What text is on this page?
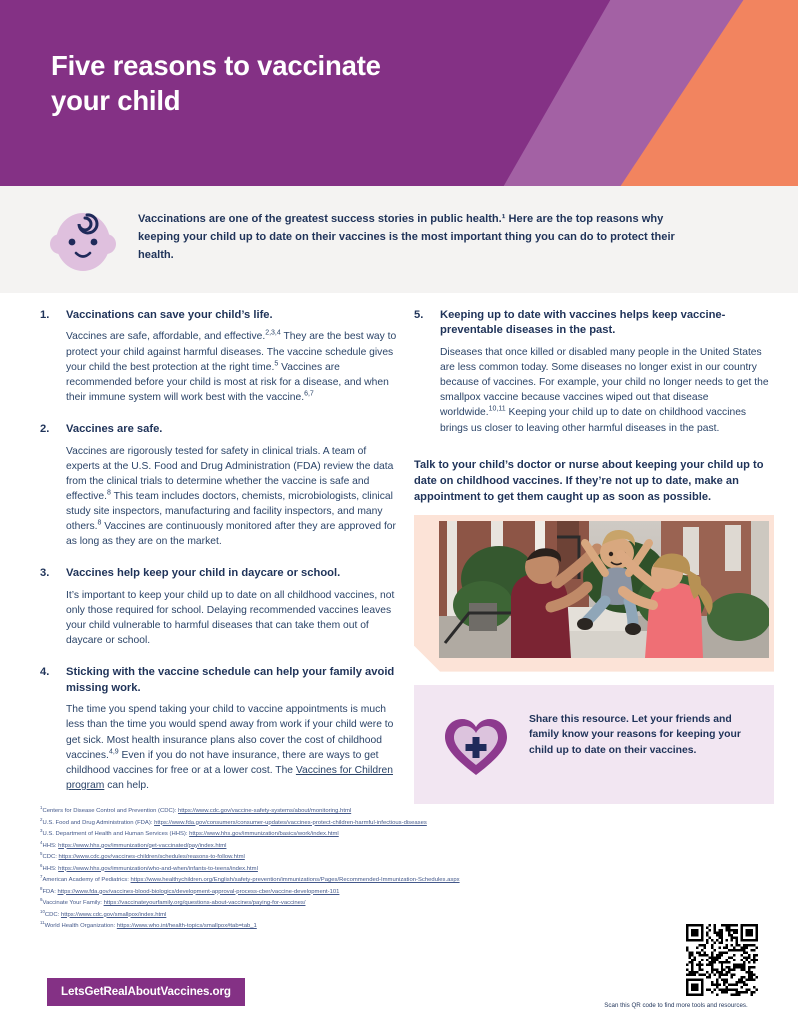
Five reasons to vaccinate
your child
Vaccinations are one of the greatest success stories in public health.¹ Here are the top reasons why keeping your child up to date on their vaccines is the most important thing you can do to protect their health.
1.	Vaccinations can save your child’s life.
Vaccines are safe, affordable, and effective.$^{2,3,4}$ They are the best way to protect your child against harmful diseases. The vaccine schedule gives your child the best protection at the right time.$^5$ Vaccines are recommended before your child is most at risk for a disease, and when their immune system will work best with the vaccine.$^{6,7}$
2.	Vaccines are safe.
Vaccines are rigorously tested for safety in clinical trials. A team of experts at the U.S. Food and Drug Administration (FDA) review the data from the clinical trials to determine whether the vaccine is safe and effective.$^8$ This team includes doctors, chemists, microbiologists, clinical study site inspectors, manufacturing and facility inspectors, and many others.$^8$ Vaccines are continuously monitored after they are approved for as long as they are on the market.
3.	Vaccines help keep your child in daycare or school.
It’s important to keep your child up to date on all childhood vaccines, not only those required for school. Delaying recommended vaccines leaves your child vulnerable to harmful diseases that can take them out of daycare or school.
4.	Sticking with the vaccine schedule can help your family avoid missing work.
The time you spend taking your child to vaccine appointments is much less than the time you would spend away from work if your child were to get sick. Most health insurance plans also cover the cost of childhood vaccines.$^{4,9}$ Even if you do not have insurance, there are ways to get childhood vaccines for free or at a lower cost. The Vaccines for Children program can help.
5.	Keeping up to date with vaccines helps keep vaccine-preventable diseases in the past.
Diseases that once killed or disabled many people in the United States are less common today. Some diseases no longer exist in our country because of vaccines. For example, your child no longer needs to get the smallpox vaccine because vaccines wiped out that disease worldwide.$^{10,11}$ Keeping your child up to date on childhood vaccines brings us closer to leaving other harmful diseases in the past.
Talk to your child’s doctor or nurse about keeping your child up to date on childhood vaccines. If they’re not up to date, make an appointment to get them caught up as soon as possible.
Share this resource. Let your friends and family know your reasons for keeping your child up to date on their vaccines.
$^1$Centers for Disease Control and Prevention (CDC): https://www.cdc.gov/vaccine-safety-systems/about/monitoring.html
$^2$U.S. Food and Drug Administration (FDA): https://www.fda.gov/consumers/consumer-updates/vaccines-protect-children-harmful-infectious-diseases
$^3$U.S. Department of Health and Human Services (HHS): https://www.hhs.gov/immunization/basics/work/index.html
$^4$HHS: https://www.hhs.gov/immunization/get-vaccinated/pay/index.html
$^5$CDC: https://www.cdc.gov/vaccines-children/schedules/reasons-to-follow.html
$^6$HHS: https://www.hhs.gov/immunization/who-and-when/infants-to-teens/index.html
$^7$American Academy of Pediatrics: https://www.healthychildren.org/English/safety-prevention/immunizations/Pages/Recommended-Immunization-Schedules.aspx
$^8$FDA: https://www.fda.gov/vaccines-blood-biologics/development-approval-process-cber/vaccine-development-101
$^9$Vaccinate Your Family: https://vaccinateyourfamily.org/questions-about-vaccines/paying-for-vaccines/
$^{10}$CDC: https://www.cdc.gov/smallpox/index.html
$^{11}$World Health Organization: https://www.who.int/health-topics/smallpox#tab=tab_1
LetsGetRealAboutVaccines.org
Scan this QR code to find more tools and resources.
